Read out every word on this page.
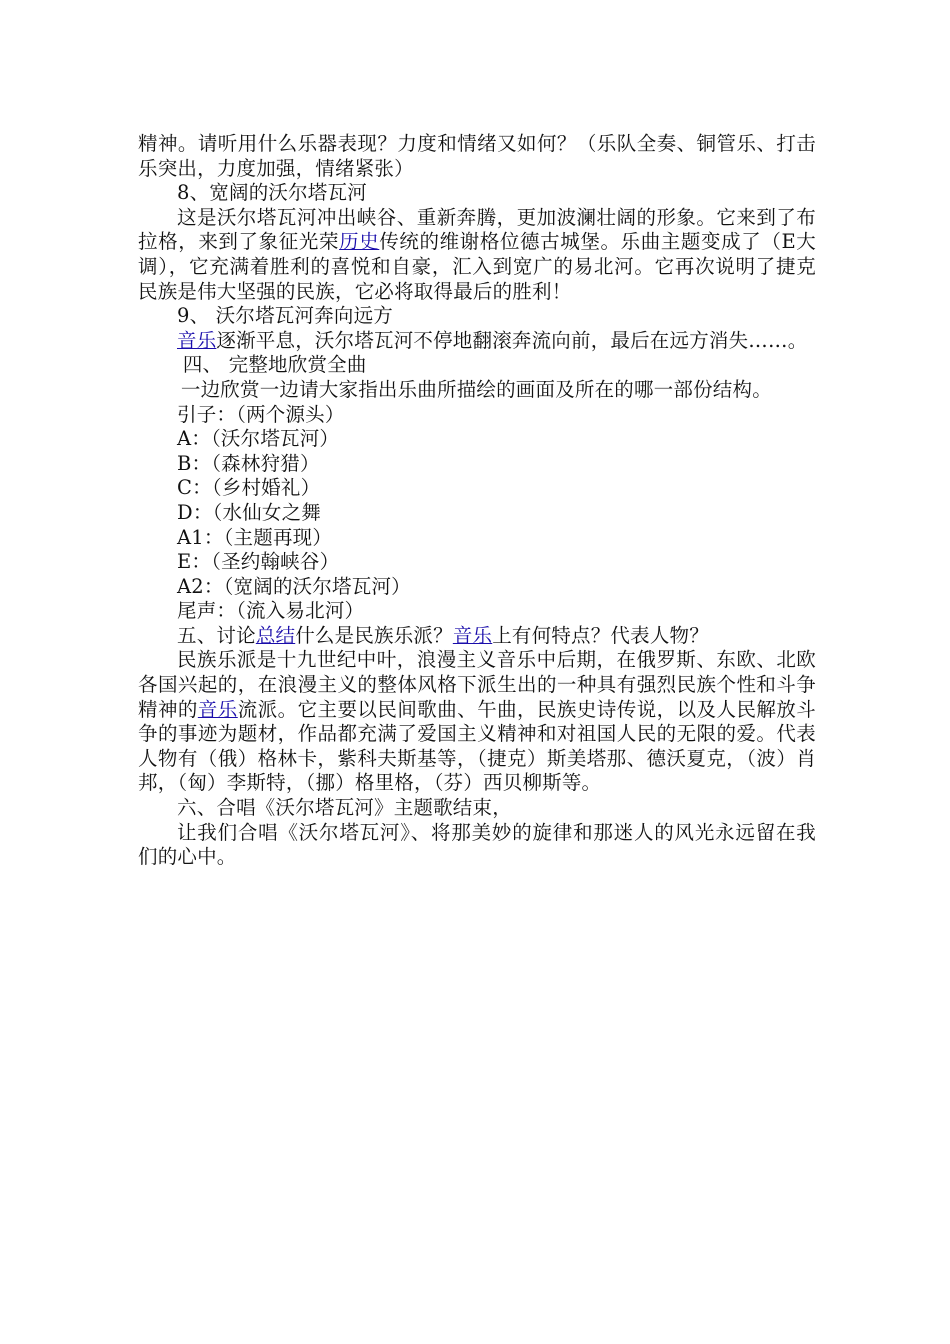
精神。请听用什么乐器表现？力度和情绪又如何？（乐队全奏、铜管乐、打击乐突出，力度加强，情绪紧张）

8、宽阔的沃尔塔瓦河

这是沃尔塔瓦河冲出峡谷、重新奔腾，更加波澜壮阔的形象。它来到了布拉格，来到了象征光荣历史传统的维谢格位德古城堡。乐曲主题变成了（E大调），它充满着胜利的喜悦和自豪，汇入到宽广的易北河。它再次说明了捷克民族是伟大坚强的民族，它必将取得最后的胜利！

9、 沃尔塔瓦河奔向远方

音乐逐渐平息，沃尔塔瓦河不停地翻滚奔流向前，最后在远方消失……。

四、 完整地欣赏全曲

一边欣赏一边请大家指出乐曲所描绘的画面及所在的哪一部份结构。

引子：（两个源头）

A：（沃尔塔瓦河）

B：（森林狩猎）

C：（乡村婚礼）

D：（水仙女之舞

A1：（主题再现）

E：（圣约翰峡谷）

A2：（宽阔的沃尔塔瓦河）

尾声：（流入易北河）

五、讨论总结什么是民族乐派？音乐上有何特点？代表人物？

民族乐派是十九世纪中叶，浪漫主义音乐中后期，在俄罗斯、东欧、北欧各国兴起的，在浪漫主义的整体风格下派生出的一种具有强烈民族个性和斗争精神的音乐流派。它主要以民间歌曲、午曲，民族史诗传说，以及人民解放斗争的事迹为题材，作品都充满了爱国主义精神和对祖国人民的无限的爱。代表人物有（俄）格林卡，紫科夫斯基等，（捷克）斯美塔那、德沃夏克，（波）肖邦，（匈）李斯特，（挪）格里格，（芬）西贝柳斯等。

六、合唱《沃尔塔瓦河》主题歌结束，

让我们合唱《沃尔塔瓦河》、将那美妙的旋律和那迷人的风光永远留在我们的心中。
